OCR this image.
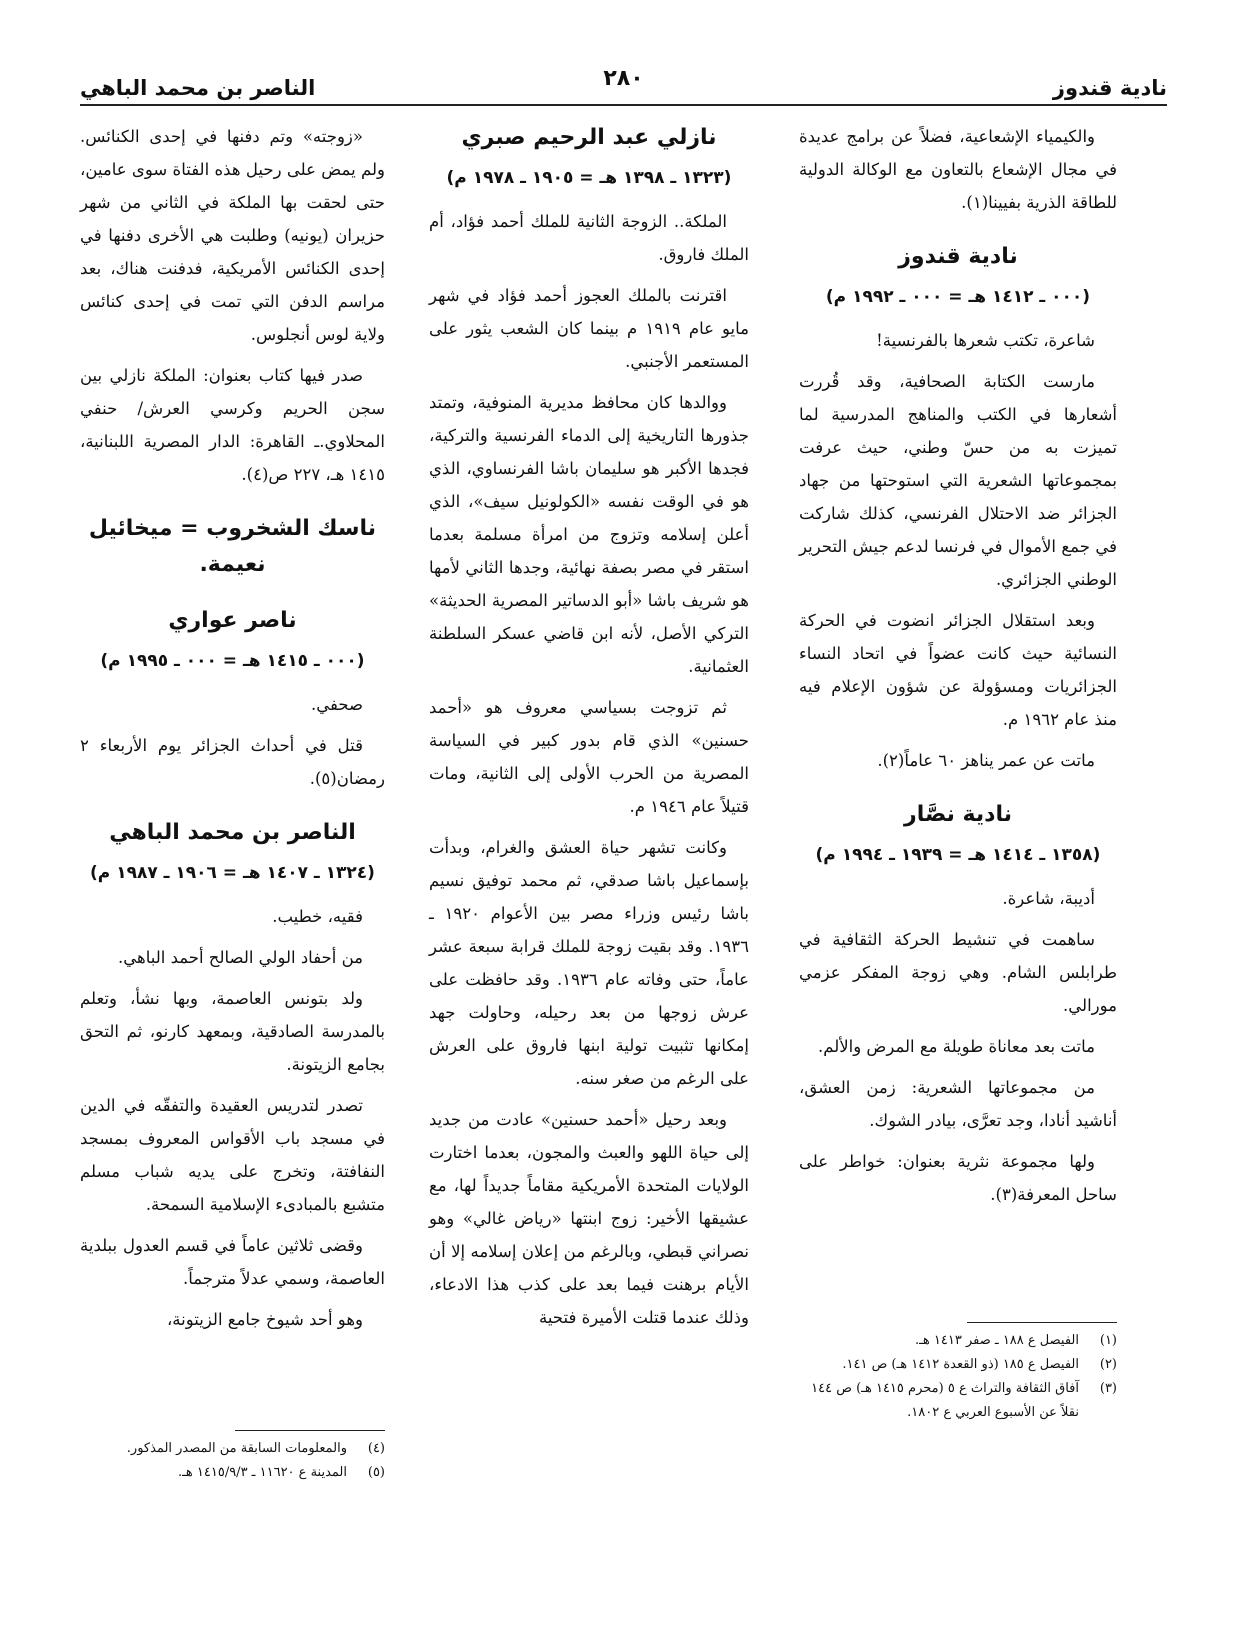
نادية قندوز
٢٨٠
الناصر بن محمد الباهي

والكيمياء الإشعاعية، فضلاً عن برامج عديدة في مجال الإشعاع بالتعاون مع الوكالة الدولية للطاقة الذرية بفيينا(١).

نادية قندوز
(٠٠٠ ـ ١٤١٢ هـ = ٠٠٠ ـ ١٩٩٢ م)

شاعرة، تكتب شعرها بالفرنسية!

مارست الكتابة الصحافية، وقد قُررت أشعارها في الكتب والمناهج المدرسية لما تميزت به من حسّ وطني، حيث عرفت بمجموعاتها الشعرية التي استوحتها من جهاد الجزائر ضد الاحتلال الفرنسي، كذلك شاركت في جمع الأموال في فرنسا لدعم جيش التحرير الوطني الجزائري.

وبعد استقلال الجزائر انضوت في الحركة النسائية حيث كانت عضواً في اتحاد النساء الجزائريات ومسؤولة عن شؤون الإعلام فيه منذ عام ١٩٦٢ م.

ماتت عن عمر يناهز ٦٠ عاماً(٢).

نادية نصَّار
(١٣٥٨ ـ ١٤١٤ هـ = ١٩٣٩ ـ ١٩٩٤ م)

أديبة، شاعرة.

ساهمت في تنشيط الحركة الثقافية في طرابلس الشام. وهي زوجة المفكر عزمي مورالي.

ماتت بعد معاناة طويلة مع المرض والألم.

من مجموعاتها الشعرية: زمن العشق، أناشيد أنادا، وجد تعرَّى، بيادر الشوك.

ولها مجموعة نثرية بعنوان: خواطر على ساحل المعرفة(٣).

(١)
الفيصل ع ١٨٨ ـ صفر ١٤١٣ هـ.
(٢)
الفيصل ع ١٨٥ (ذو القعدة ١٤١٢ هـ) ص ١٤١.
(٣)
آفاق الثقافة والتراث ع ٥ (محرم ١٤١٥ هـ) ص ١٤٤ نقلاً عن الأسبوع العربي ع ١٨٠٢.
نازلي عبد الرحيم صبري
(١٣٢٣ ـ ١٣٩٨ هـ = ١٩٠٥ ـ ١٩٧٨ م)

الملكة.. الزوجة الثانية للملك أحمد فؤاد، أم الملك فاروق.

اقترنت بالملك العجوز أحمد فؤاد في شهر مايو عام ١٩١٩ م بينما كان الشعب يثور على المستعمر الأجنبي.

ووالدها كان محافظ مديرية المنوفية، وتمتد جذورها التاريخية إلى الدماء الفرنسية والتركية، فجدها الأكبر هو سليمان باشا الفرنساوي، الذي هو في الوقت نفسه «الكولونيل سيف»، الذي أعلن إسلامه وتزوج من امرأة مسلمة بعدما استقر في مصر بصفة نهائية، وجدها الثاني لأمها هو شريف باشا «أبو الدساتير المصرية الحديثة» التركي الأصل، لأنه ابن قاضي عسكر السلطنة العثمانية.

ثم تزوجت بسياسي معروف هو «أحمد حسنين» الذي قام بدور كبير في السياسة المصرية من الحرب الأولى إلى الثانية، ومات قتيلاً عام ١٩٤٦ م.

وكانت تشهر حياة العشق والغرام، وبدأت بإسماعيل باشا صدقي، ثم محمد توفيق نسيم باشا رئيس وزراء مصر بين الأعوام ١٩٢٠ ـ ١٩٣٦. وقد بقيت زوجة للملك قرابة سبعة عشر عاماً، حتى وفاته عام ١٩٣٦. وقد حافظت على عرش زوجها من بعد رحيله، وحاولت جهد إمكانها تثبيت تولية ابنها فاروق على العرش على الرغم من صغر سنه.

وبعد رحيل «أحمد حسنين» عادت من جديد إلى حياة اللهو والعبث والمجون، بعدما اختارت الولايات المتحدة الأمريكية مقاماً جديداً لها، مع عشيقها الأخير: زوج ابنتها «رياض غالي» وهو نصراني قبطي، وبالرغم من إعلان إسلامه إلا أن الأيام برهنت فيما بعد على كذب هذا الادعاء، وذلك عندما قتلت الأميرة فتحية

«زوجته» وتم دفنها في إحدى الكنائس. ولم يمض على رحيل هذه الفتاة سوى عامين، حتى لحقت بها الملكة في الثاني من شهر حزيران (يونيه) وطلبت هي الأخرى دفنها في إحدى الكنائس الأمريكية، فدفنت هناك، بعد مراسم الدفن التي تمت في إحدى كنائس ولاية لوس أنجلوس.

صدر فيها كتاب بعنوان: الملكة نازلي بين سجن الحريم وكرسي العرش/ حنفي المحلاوي.ـ القاهرة: الدار المصرية اللبنانية، ١٤١٥ هـ، ٢٢٧ ص(٤).

ناسك الشخروب = ميخائيل نعيمة.
ناصر عواري
(٠٠٠ ـ ١٤١٥ هـ = ٠٠٠ ـ ١٩٩٥ م)

صحفي.

قتل في أحداث الجزائر يوم الأربعاء ٢ رمضان(٥).

الناصر بن محمد الباهي
(١٣٢٤ ـ ١٤٠٧ هـ = ١٩٠٦ ـ ١٩٨٧ م)

فقيه، خطيب.

من أحفاد الولي الصالح أحمد الباهي.

ولد بتونس العاصمة، وبها نشأ، وتعلم بالمدرسة الصادقية، وبمعهد كارنو، ثم التحق بجامع الزيتونة.

تصدر لتدريس العقيدة والتفقّه في الدين في مسجد باب الأقواس المعروف بمسجد النفافتة، وتخرج على يديه شباب مسلم متشبع بالمبادىء الإسلامية السمحة.

وقضى ثلاثين عاماً في قسم العدول ببلدية العاصمة، وسمي عدلاً مترجماً.

وهو أحد شيوخ جامع الزيتونة،

(٤)
والمعلومات السابقة من المصدر المذكور.
(٥)
المدينة ع ١١٦٢٠ ـ ١٤١٥/٩/٣ هـ.
